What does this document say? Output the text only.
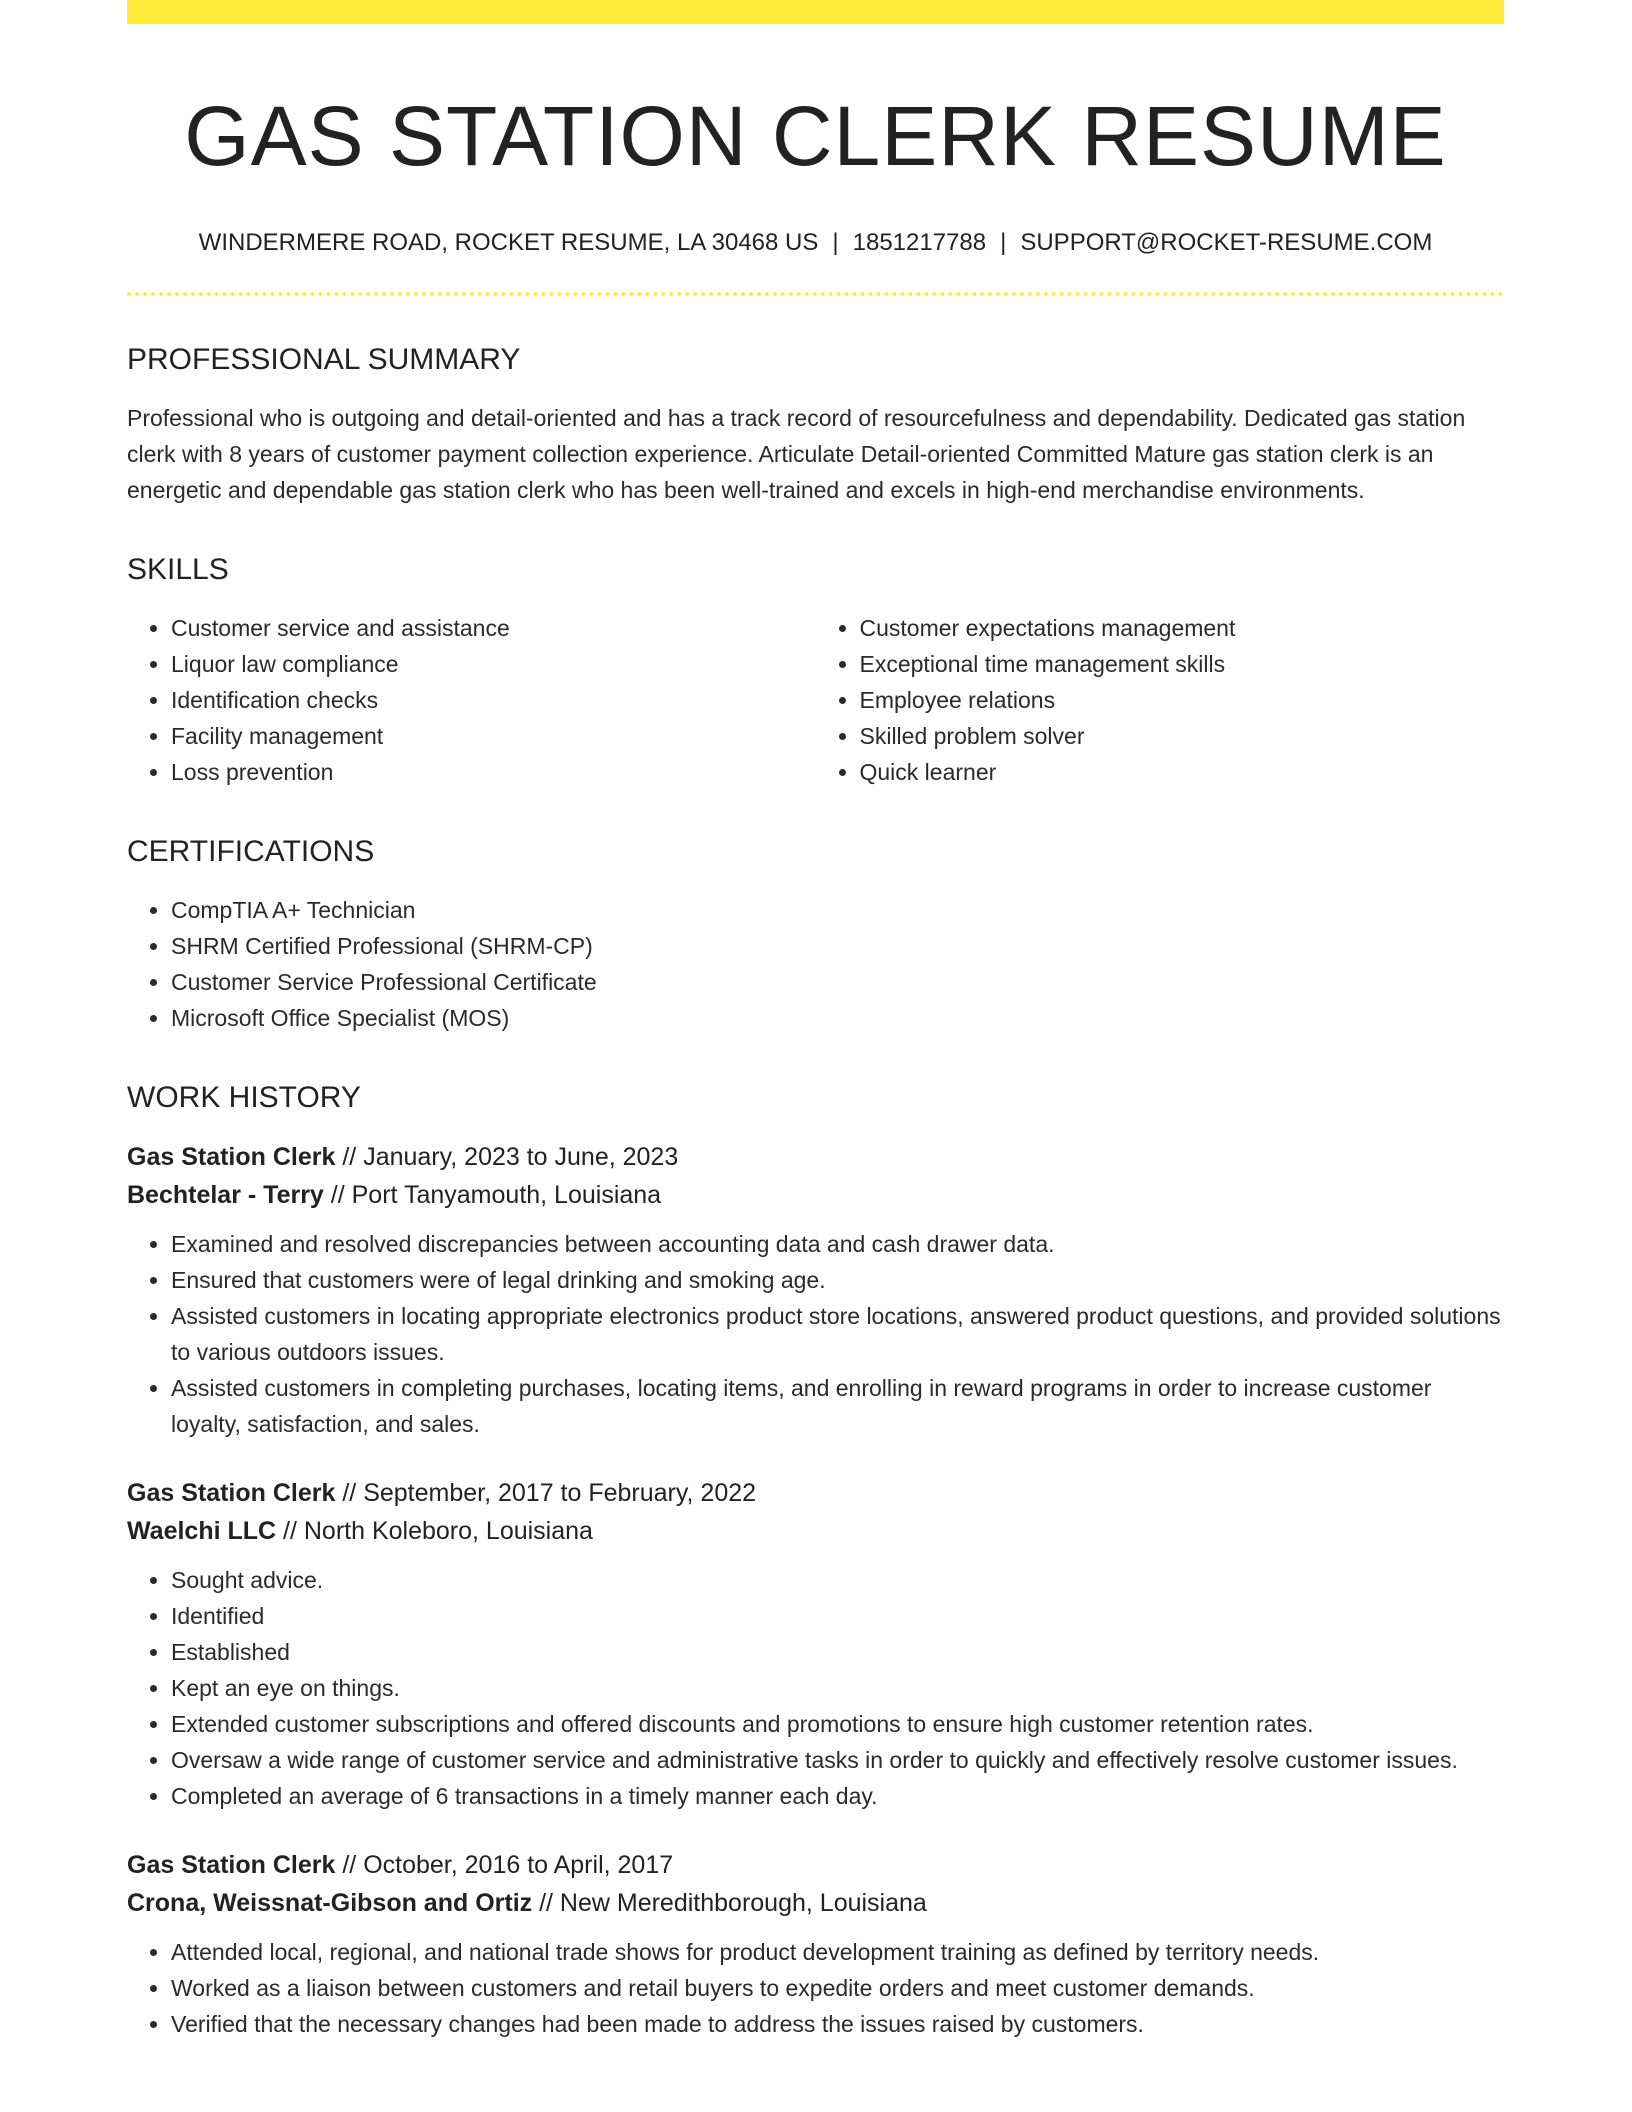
GAS STATION CLERK RESUME
WINDERMERE ROAD, ROCKET RESUME, LA 30468 US | 1851217788 | SUPPORT@ROCKET-RESUME.COM
PROFESSIONAL SUMMARY

Professional who is outgoing and detail-oriented and has a track record of resourcefulness and dependability. Dedicated gas station clerk with 8 years of customer payment collection experience. Articulate Detail-oriented Committed Mature gas station clerk is an energetic and dependable gas station clerk who has been well-trained and excels in high-end merchandise environments.

SKILLS
• Customer service and assistance
• Liquor law compliance
• Identification checks
• Facility management
• Loss prevention
• Customer expectations management
• Exceptional time management skills
• Employee relations
• Skilled problem solver
• Quick learner
CERTIFICATIONS
• CompTIA A+ Technician
• SHRM Certified Professional (SHRM-CP)
• Customer Service Professional Certificate
• Microsoft Office Specialist (MOS)
WORK HISTORY
Gas Station Clerk // January, 2023 to June, 2023
Bechtelar - Terry // Port Tanyamouth, Louisiana
• Examined and resolved discrepancies between accounting data and cash drawer data.
• Ensured that customers were of legal drinking and smoking age.
• Assisted customers in locating appropriate electronics product store locations, answered product questions, and provided solutions to various outdoors issues.
• Assisted customers in completing purchases, locating items, and enrolling in reward programs in order to increase customer loyalty, satisfaction, and sales.
Gas Station Clerk // September, 2017 to February, 2022
Waelchi LLC // North Koleboro, Louisiana
• Sought advice.
• Identified
• Established
• Kept an eye on things.
• Extended customer subscriptions and offered discounts and promotions to ensure high customer retention rates.
• Oversaw a wide range of customer service and administrative tasks in order to quickly and effectively resolve customer issues.
• Completed an average of 6 transactions in a timely manner each day.
Gas Station Clerk // October, 2016 to April, 2017
Crona, Weissnat-Gibson and Ortiz // New Meredithborough, Louisiana
• Attended local, regional, and national trade shows for product development training as defined by territory needs.
• Worked as a liaison between customers and retail buyers to expedite orders and meet customer demands.
• Verified that the necessary changes had been made to address the issues raised by customers.
